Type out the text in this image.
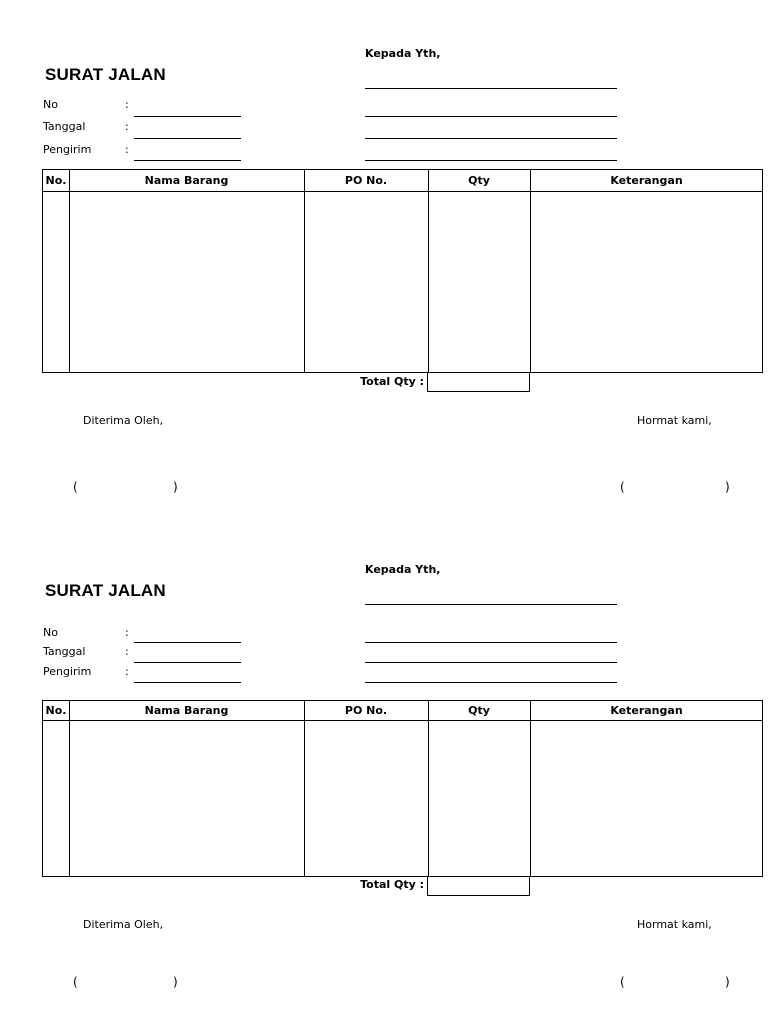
Kepada Yth,
SURAT JALAN
No	:
Tanggal	:
Pengirim	:
No.	Nama Barang	PO No.	Qty	Keterangan
Total Qty :
Diterima Oleh,	Hormat kami,
(	)	(	)
Kepada Yth,
SURAT JALAN
No	:
Tanggal	:
Pengirim	:
No.	Nama Barang	PO No.	Qty	Keterangan
Total Qty :
Diterima Oleh,	Hormat kami,
(	)	(	)
